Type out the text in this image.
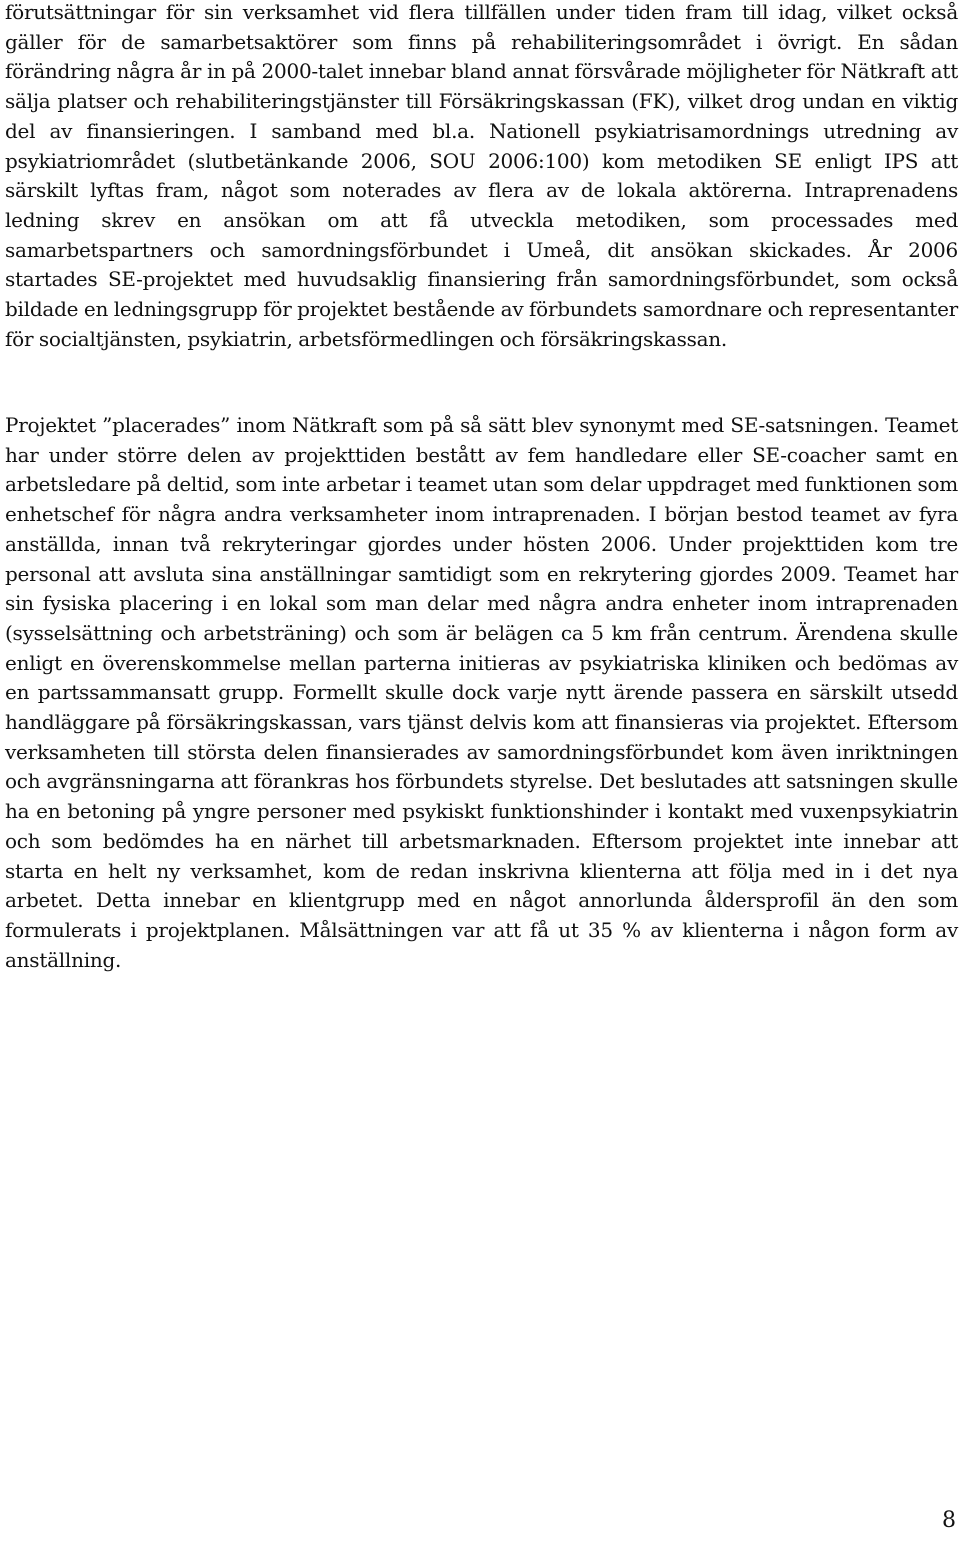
förutsättningar för sin verksamhet vid flera tillfällen under tiden fram till idag, vilket också gäller för de samarbetsaktörer som finns på rehabiliteringsområdet i övrigt. En sådan förändring några år in på 2000-talet innebar bland annat försvårade möjligheter för Nätkraft att sälja platser och rehabiliteringstjänster till Försäkringskassan (FK), vilket drog undan en viktig del av finansieringen. I samband med bl.a. Nationell psykiatrisamordnings utredning av psykiatriområdet (slutbetänkande 2006, SOU 2006:100) kom metodiken SE enligt IPS att särskilt lyftas fram, något som noterades av flera av de lokala aktörerna. Intraprenadens ledning skrev en ansökan om att få utveckla metodiken, som processades med samarbetspartners och samordningsförbundet i Umeå, dit ansökan skickades. År 2006 startades SE-projektet med huvudsaklig finansiering från samordningsförbundet, som också bildade en ledningsgrupp för projektet bestående av förbundets samordnare och representanter för socialtjänsten, psykiatrin, arbetsförmedlingen och försäkringskassan.

Projektet ”placerades” inom Nätkraft som på så sätt blev synonymt med SE-satsningen. Teamet har under större delen av projekttiden bestått av fem handledare eller SE-coacher samt en arbetsledare på deltid, som inte arbetar i teamet utan som delar uppdraget med funktionen som enhetschef för några andra verksamheter inom intraprenaden. I början bestod teamet av fyra anställda, innan två rekryteringar gjordes under hösten 2006. Under projekttiden kom tre personal att avsluta sina anställningar samtidigt som en rekrytering gjordes 2009. Teamet har sin fysiska placering i en lokal som man delar med några andra enheter inom intraprenaden (sysselsättning och arbetsträning) och som är belägen ca 5 km från centrum. Ärendena skulle enligt en överenskommelse mellan parterna initieras av psykiatriska kliniken och bedömas av en partssammansatt grupp. Formellt skulle dock varje nytt ärende passera en särskilt utsedd handläggare på försäkringskassan, vars tjänst delvis kom att finansieras via projektet. Eftersom verksamheten till största delen finansierades av samordningsförbundet kom även inriktningen och avgränsningarna att förankras hos förbundets styrelse. Det beslutades att satsningen skulle ha en betoning på yngre personer med psykiskt funktionshinder i kontakt med vuxenpsykiatrin och som bedömdes ha en närhet till arbetsmarknaden. Eftersom projektet inte innebar att starta en helt ny verksamhet, kom de redan inskrivna klienterna att följa med in i det nya arbetet. Detta innebar en klientgrupp med en något annorlunda åldersprofil än den som formulerats i projektplanen. Målsättningen var att få ut 35 % av klienterna i någon form av anställning.

8
